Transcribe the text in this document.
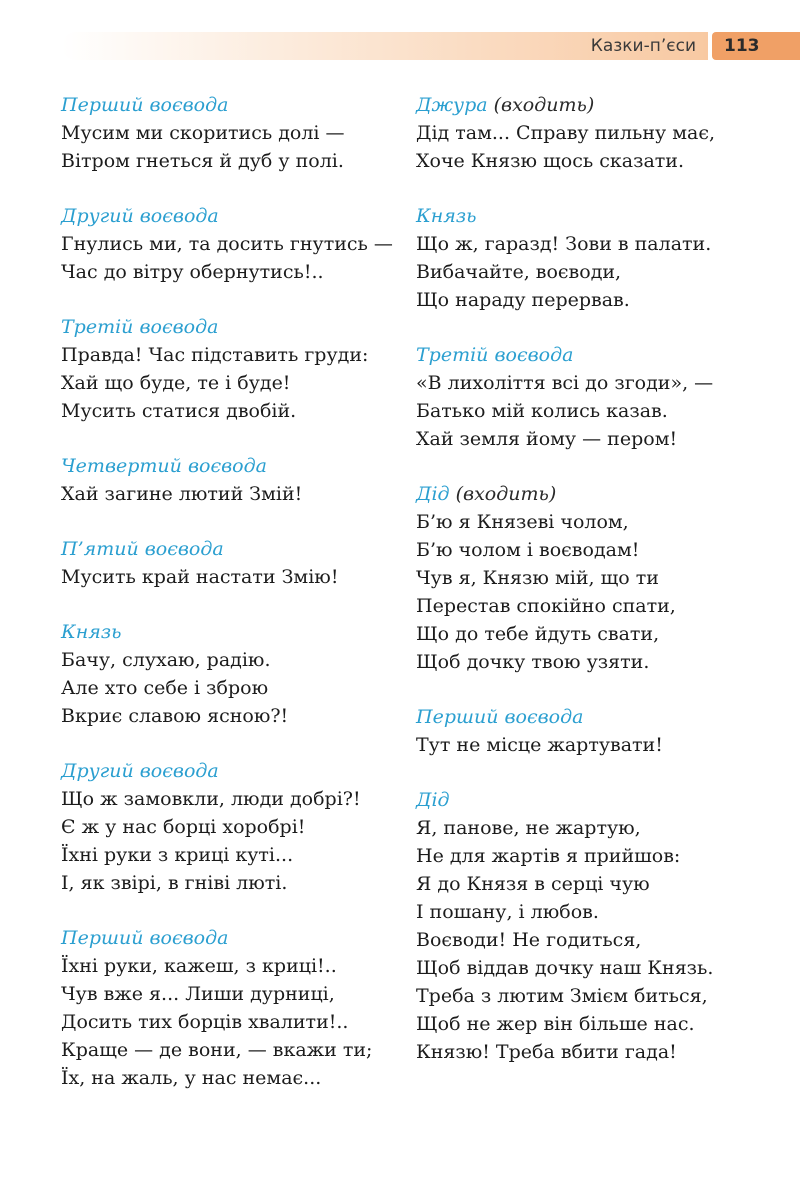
Казки-п’єси	113
Перший воєвода
Мусим ми скоритись долі —
Вітром гнеться й дуб у полі.
Другий воєвода
Гнулись ми, та досить гнутись —
Час до вітру обернутись!..
Третій воєвода
Правда! Час підставить груди:
Хай що буде, те і буде!
Мусить статися двобій.
Четвертий воєвода
Хай загине лютий Змій!
П’ятий воєвода
Мусить край настати Змію!
Князь
Бачу, слухаю, радію.
Але хто себе і зброю
Вкриє славою ясною?!
Другий воєвода
Що ж замовкли, люди добрі?!
Є ж у нас борці хоробрі!
Їхні руки з криці куті...
І, як звірі, в гніві люті.
Перший воєвода
Їхні руки, кажеш, з криці!..
Чув вже я... Лиши дурниці,
Досить тих борців хвалити!..
Краще — де вони, — вкажи ти;
Їх, на жаль, у нас немає...
Джура (входить)
Дід там... Справу пильну має,
Хоче Князю щось сказати.
Князь
Що ж, гаразд! Зови в палати.
Вибачайте, воєводи,
Що нараду перервав.
Третій воєвода
«В лихоліття всі до згоди», —
Батько мій колись казав.
Хай земля йому — пером!
Дід (входить)
Б’ю я Князеві чолом,
Б’ю чолом і воєводам!
Чув я, Князю мій, що ти
Перестав спокійно спати,
Що до тебе йдуть свати,
Щоб дочку твою узяти.
Перший воєвода
Тут не місце жартувати!
Дід
Я, панове, не жартую,
Не для жартів я прийшов:
Я до Князя в серці чую
І пошану, і любов.
Воєводи! Не годиться,
Щоб віддав дочку наш Князь.
Треба з лютим Змієм биться,
Щоб не жер він більше нас.
Князю! Треба вбити гада!
